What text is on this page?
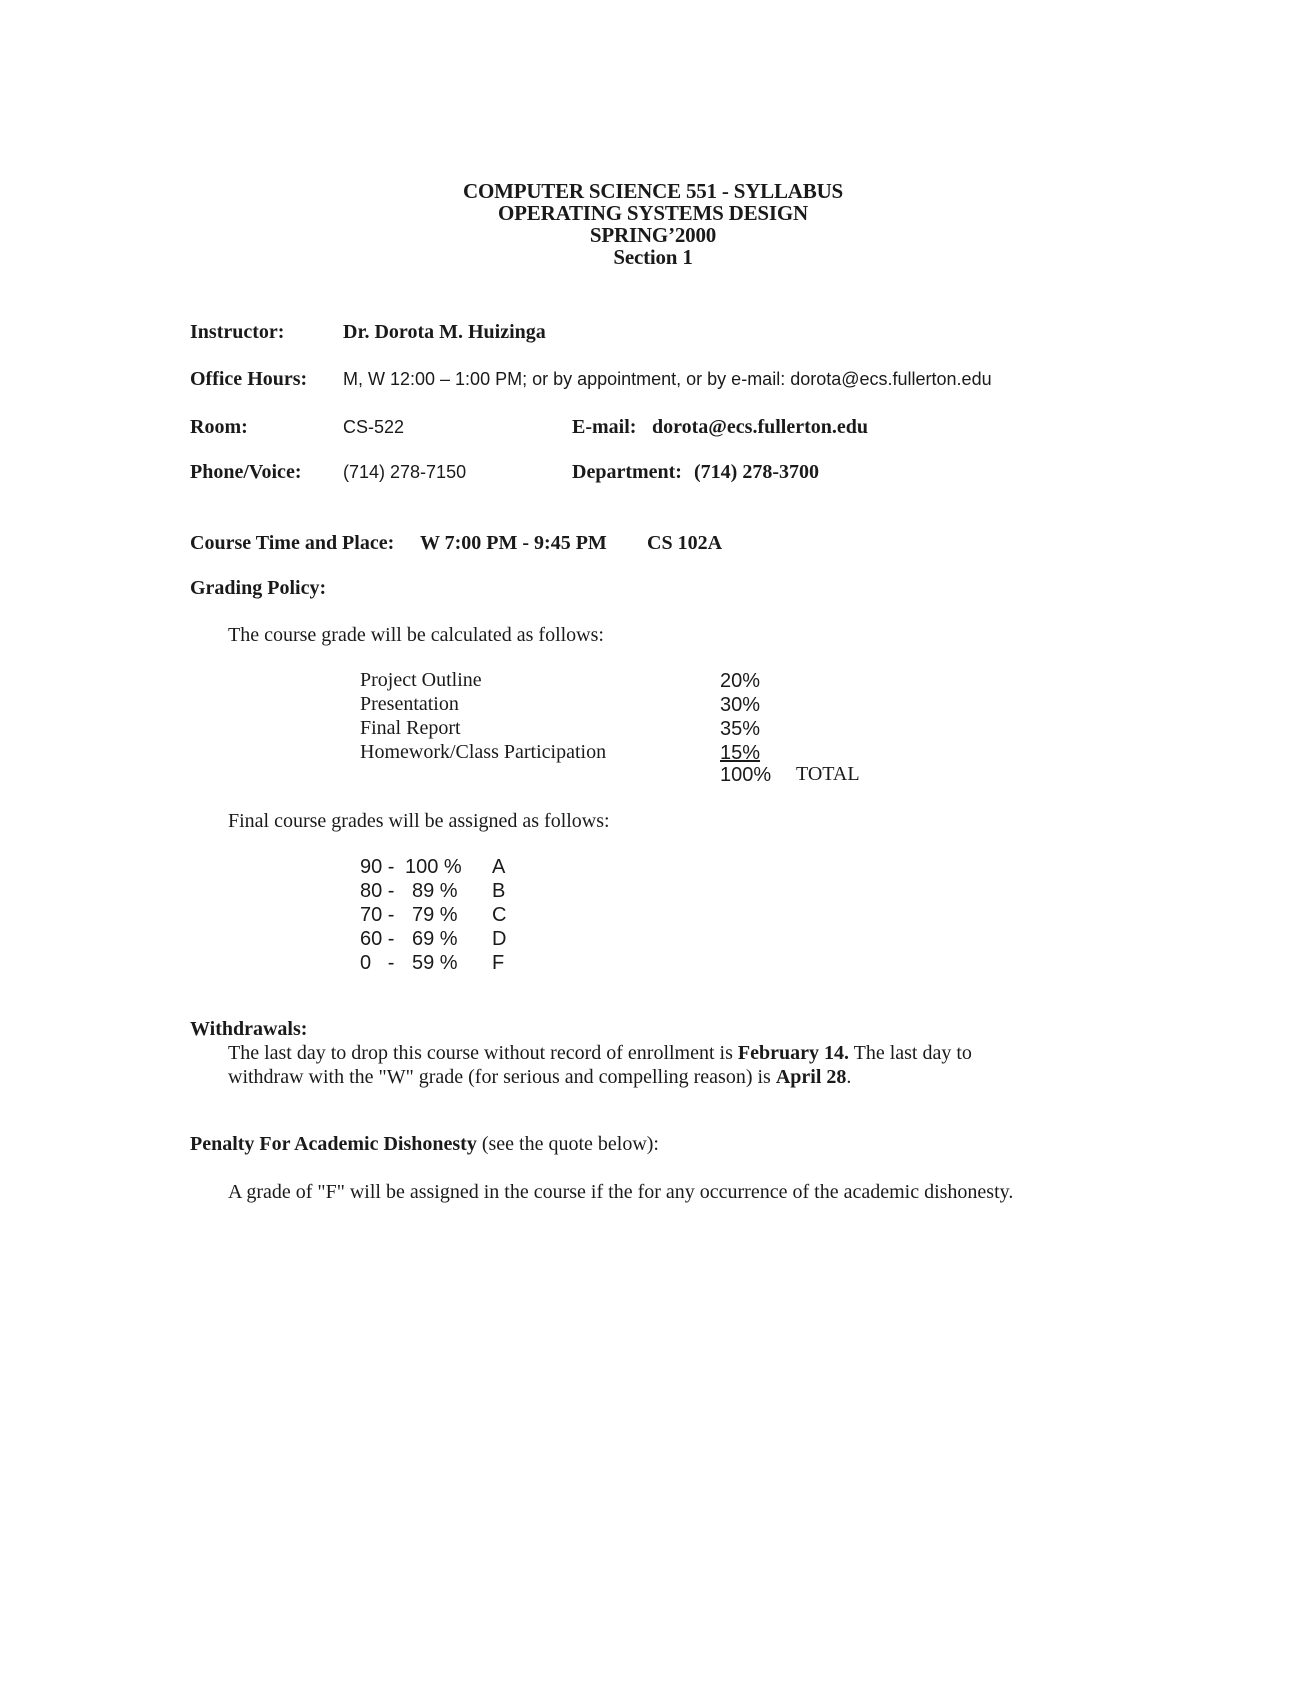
COMPUTER SCIENCE 551 - SYLLABUS
OPERATING SYSTEMS DESIGN
SPRING’2000
Section 1
Instructor:	Dr. Dorota M. Huizinga
Office Hours: M, W 12:00 – 1:00 PM; or by appointment, or by e-mail: dorota@ecs.fullerton.edu
Room:	CS-522	E-mail: dorota@ecs.fullerton.edu
Phone/Voice: (714) 278-7150	Department: (714) 278-3700
Course Time and Place: W 7:00 PM - 9:45 PM CS 102A
Grading Policy:
The course grade will be calculated as follows:
Project Outline	20%
Presentation	30%
Final Report	35%
Homework/Class Participation	15%
100% TOTAL
Final course grades will be assigned as follows:
90 - 100 % A
80 - 89 % B
70 - 79 % C
60 - 69 % D
0   - 59 % F
Withdrawals:
The last day to drop this course without record of enrollment is February 14. The last day to
withdraw with the "W" grade (for serious and compelling reason) is April 28.
Penalty For Academic Dishonesty (see the quote below):
A grade of "F" will be assigned in the course if the for any occurrence of the academic dishonesty.
